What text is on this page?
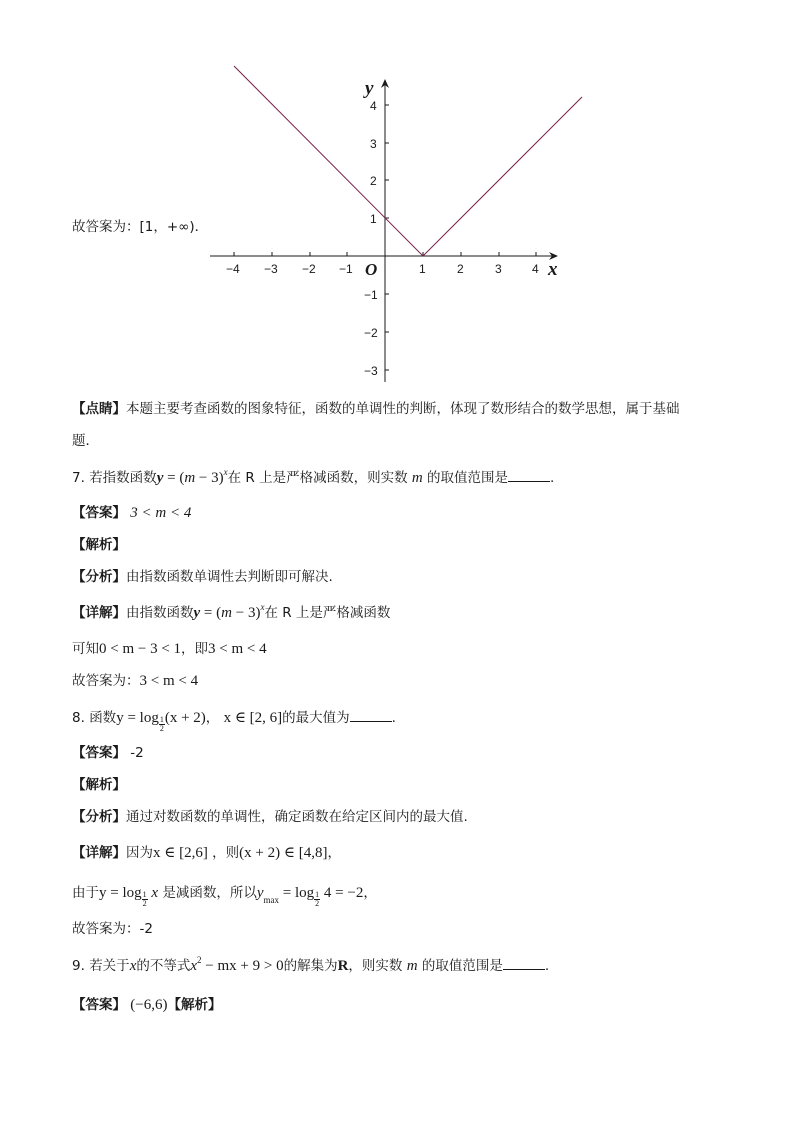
−4 −3 −2 −1	1	2	3	4
4
3
2
1
−1
−2
−3
O	x
y
故答案为：[1，+∞)．
【点睛】本题主要考查函数的图象特征，函数的单调性的判断，体现了数形结合的数学思想，属于基础
题．
7. 若指数函数$y = (m - 3)^x$在 R 上是严格减函数，则实数 m 的取值范围是	.
【答案】 3 < m < 4
【解析】
【分析】由指数函数单调性去判断即可解决.
【详解】由指数函数$y = (m - 3)^x$在 R 上是严格减函数
可知0 < m − 3 < 1，即3 < m < 4
故答案为：3 < m < 4
8. 函数$y = \log \frac{1}{2} (x + 2)$， x ∈ [2, 6]的最大值为	.
【答案】 -2
【解析】
【分析】通过对数函数的单调性，确定函数在给定区间内的最大值.
【详解】因为x ∈ [2,6] ，则(x + 2) ∈ [4,8]，
由于$y = \log \frac{1}{2}$ x 是减函数，所以$y_{max} = \log \frac{1}{2} 4 = -2$，
故答案为：-2
9. 若关于x的不等式$x^2$ − mx + 9 > 0的解集为R，则实数 m 的取值范围是	.
【答案】 (−6,6)【解析】
